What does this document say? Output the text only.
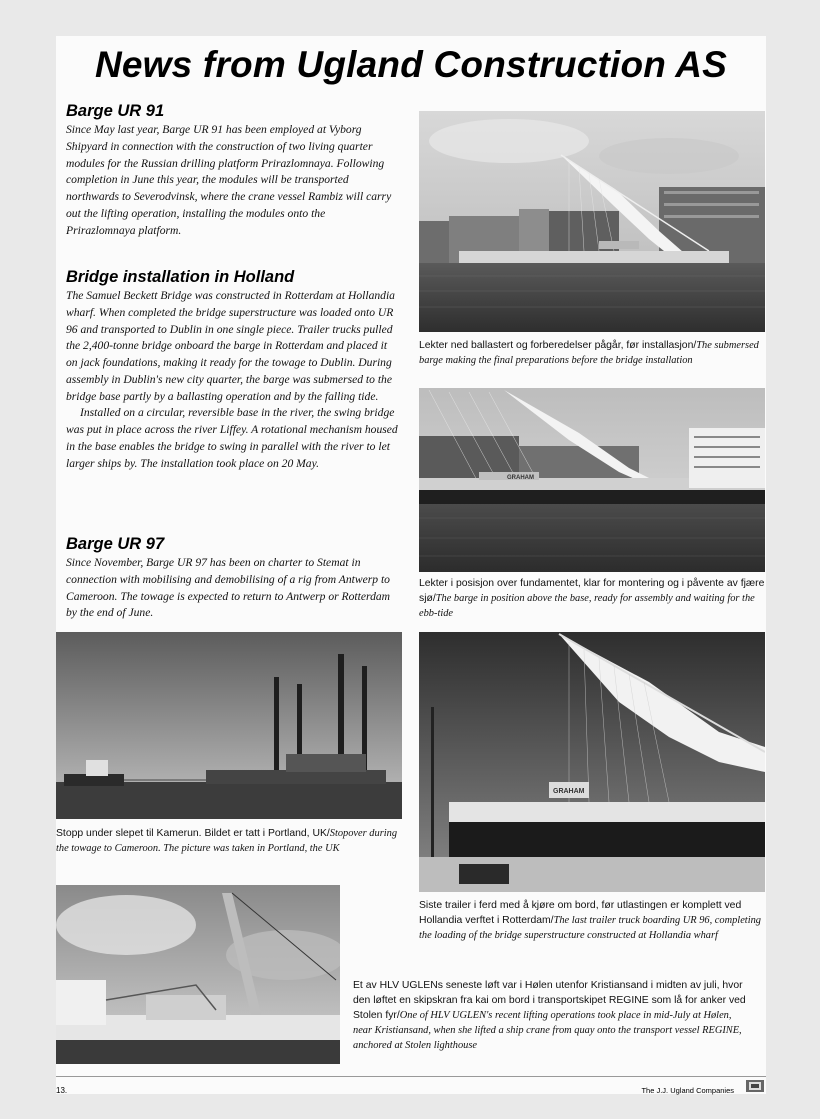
News from Ugland Construction AS
Barge UR 91

Since May last year, Barge UR 91 has been employed at Vyborg Shipyard in connection with the construction of two living quarter modules for the Russian drilling platform Prirazlomnaya. Following completion in June this year, the modules will be transported northwards to Severodvinsk, where the crane vessel Rambiz will carry out the lifting operation, installing the modules onto the Prirazlomnaya platform.

Bridge installation in Holland

The Samuel Beckett Bridge was constructed in Rotterdam at Hollandia wharf. When completed the bridge superstructure was loaded onto UR 96 and transported to Dublin in one single piece. Trailer trucks pulled the 2,400-tonne bridge onboard the barge in Rotterdam and placed it on jack foundations, making it ready for the towage to Dublin. During assembly in Dublin's new city quarter, the barge was submersed to the bridge base partly by a ballasting operation and by the falling tide.

Installed on a circular, reversible base in the river, the swing bridge was put in place across the river Liffey. A rotational mechanism housed in the base enables the bridge to swing in parallel with the river to let larger ships by. The installation took place on 20 May.

Barge UR 97

Since November, Barge UR 97 has been on charter to Stemat in connection with mobilising and demobilising of a rig from Antwerp to Cameroon. The towage is expected to return to Antwerp or Rotterdam by the end of June.

Lekter ned ballastert og forberedelser pågår, før installasjon/The submersed barge making the final preparations before the bridge installation
GRAHAM
Lekter i posisjon over fundamentet, klar for montering og i påvente av fjære sjø/The barge in position above the base, ready for assembly and waiting for the ebb-tide
Stopp under slepet til Kamerun. Bildet er tatt i Portland, UK/Stopover during the towage to Cameroon. The picture was taken in Portland, the UK
GRAHAM
Siste trailer i ferd med å kjøre om bord, før utlastingen er komplett ved Hollandia verftet i Rotterdam/The last trailer truck boarding UR 96, completing the loading of the bridge superstructure constructed at Hollandia wharf
Et av HLV UGLENs seneste løft var i Hølen utenfor Kristiansand i midten av juli, hvor den løftet en skipskran fra kai om bord i transportskipet REGINE som lå for anker ved Stolen fyr/One of HLV UGLEN's recent lifting operations took place in mid-July at Hølen, near Kristiansand, when she lifted a ship crane from quay onto the transport vessel REGINE, anchored at Stolen lighthouse
13.	The J.J. Ugland Companies
